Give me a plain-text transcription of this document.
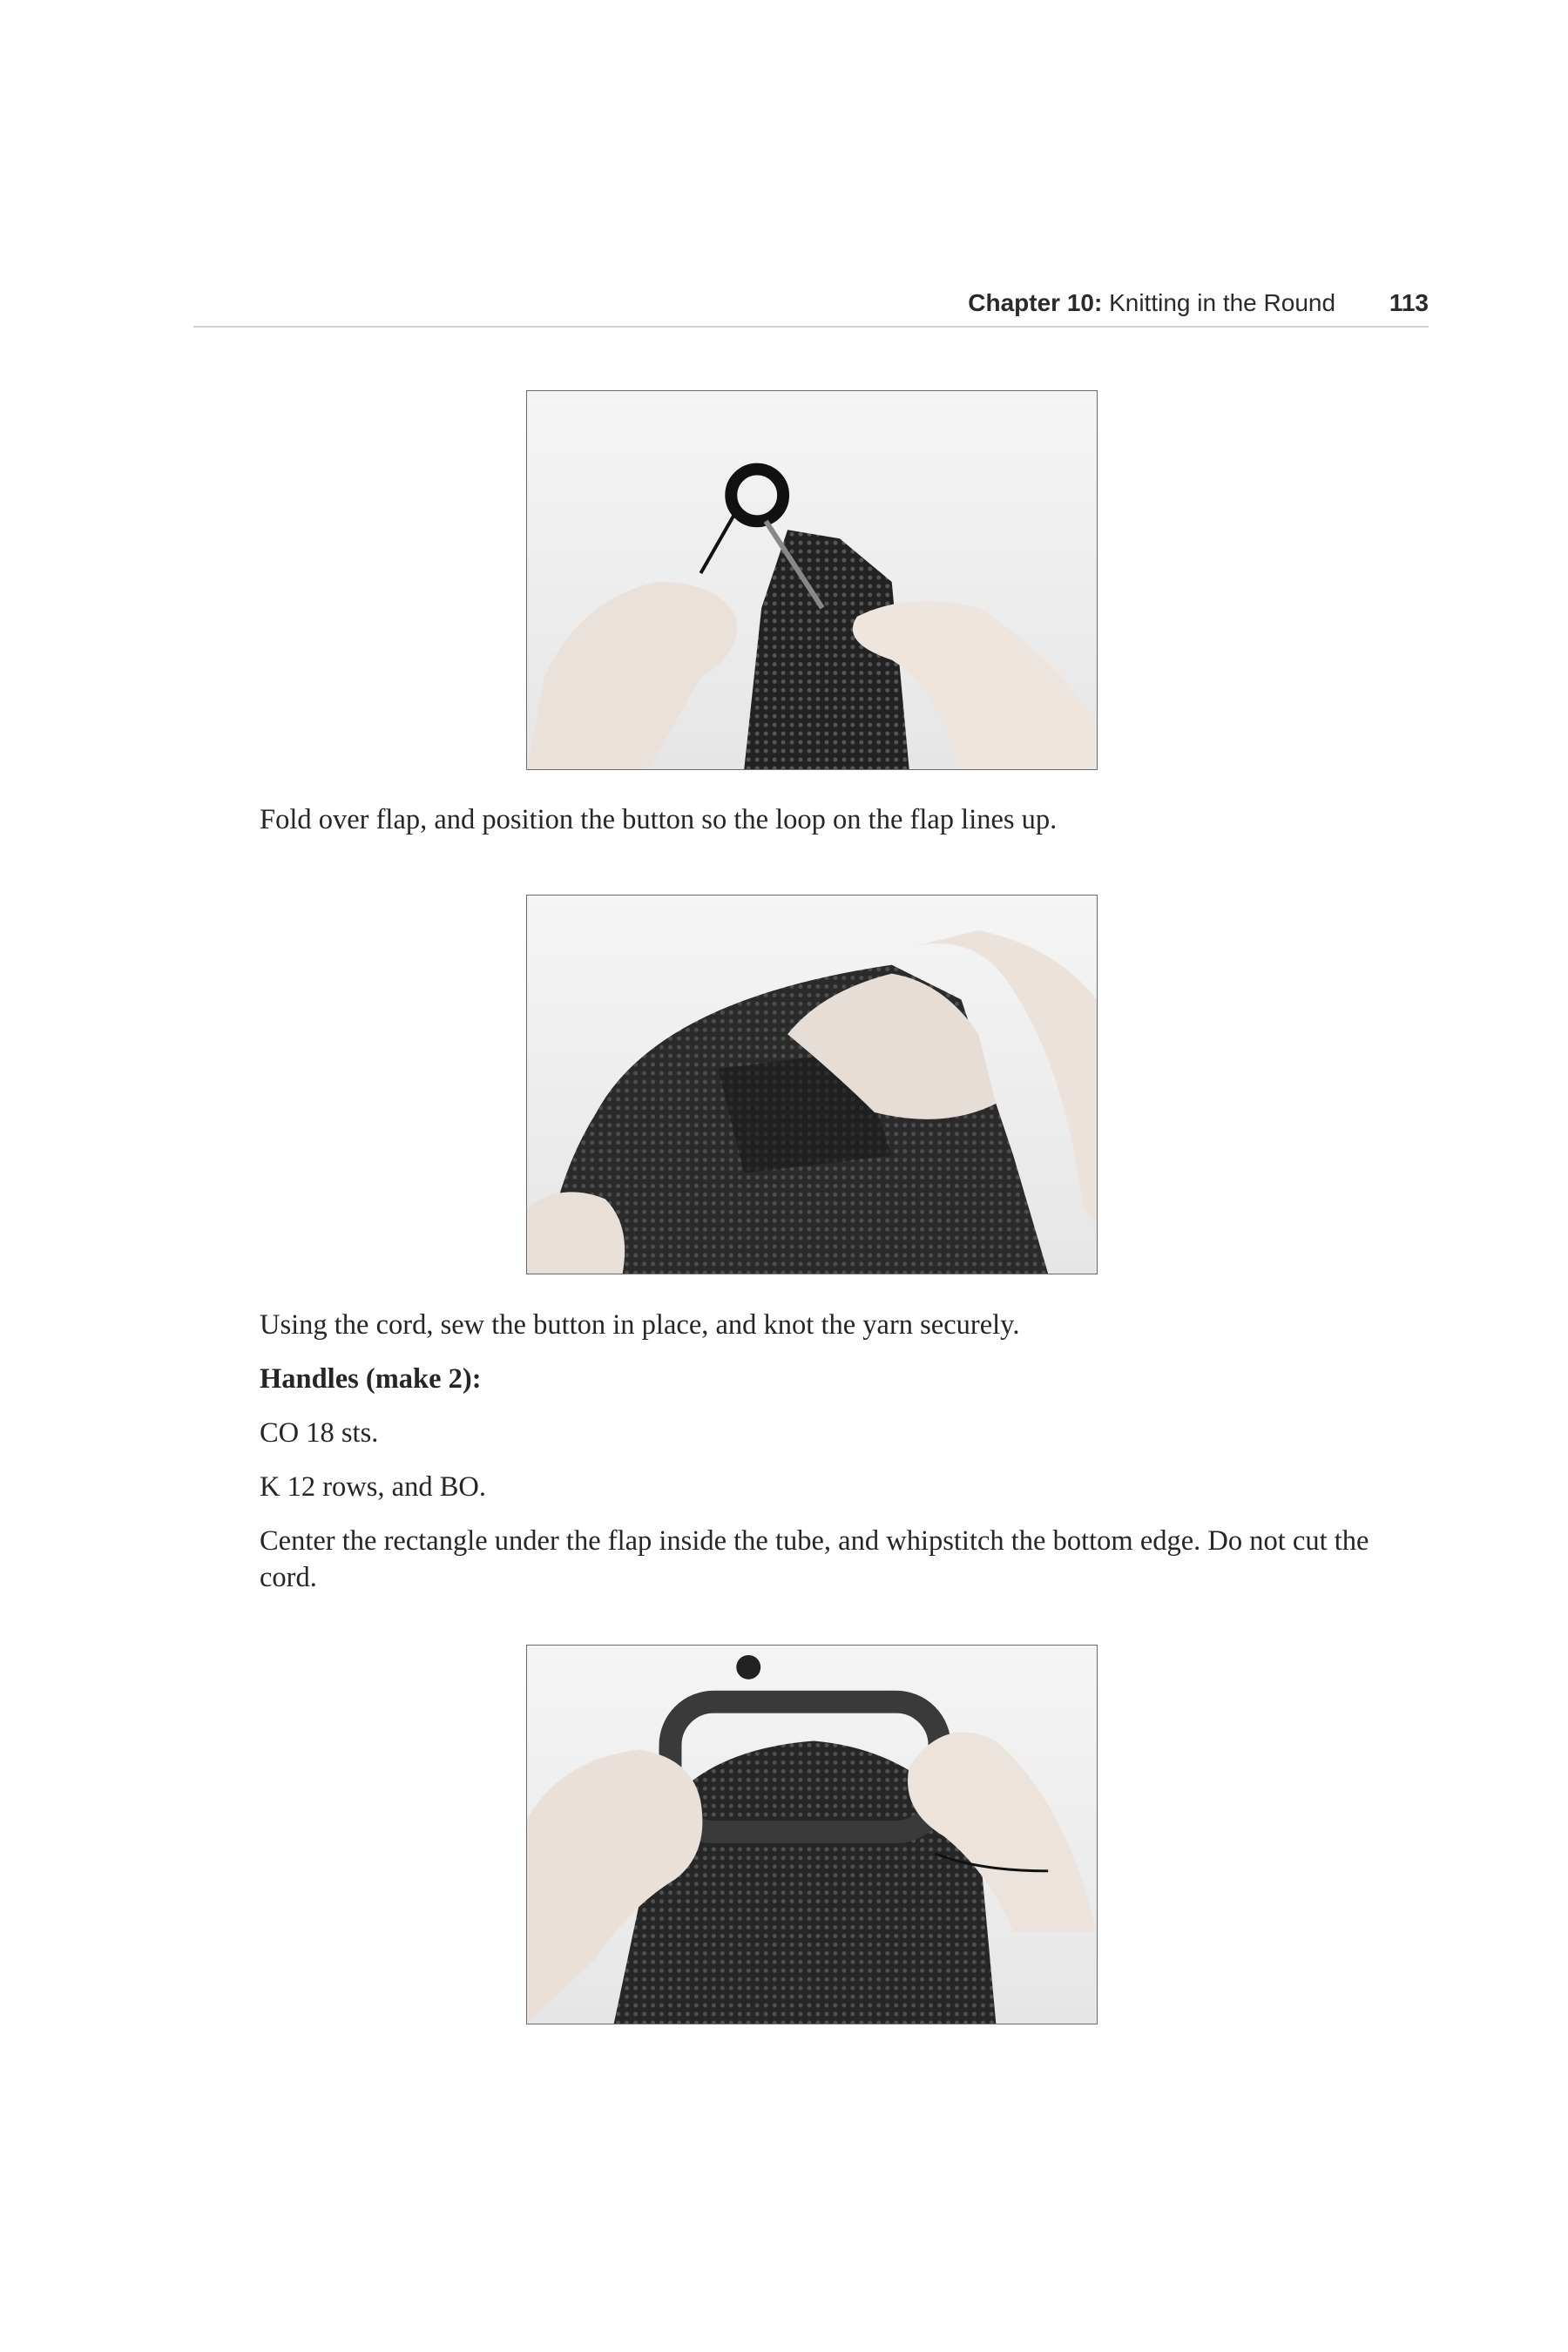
Chapter 10: Knitting in the Round 113
Fold over flap, and position the button so the loop on the flap lines up.
Using the cord, sew the button in place, and knot the yarn securely.
Handles (make 2):
CO 18 sts.
K 12 rows, and BO.
Center the rectangle under the flap inside the tube, and whipstitch the bottom edge. Do not cut the cord.
